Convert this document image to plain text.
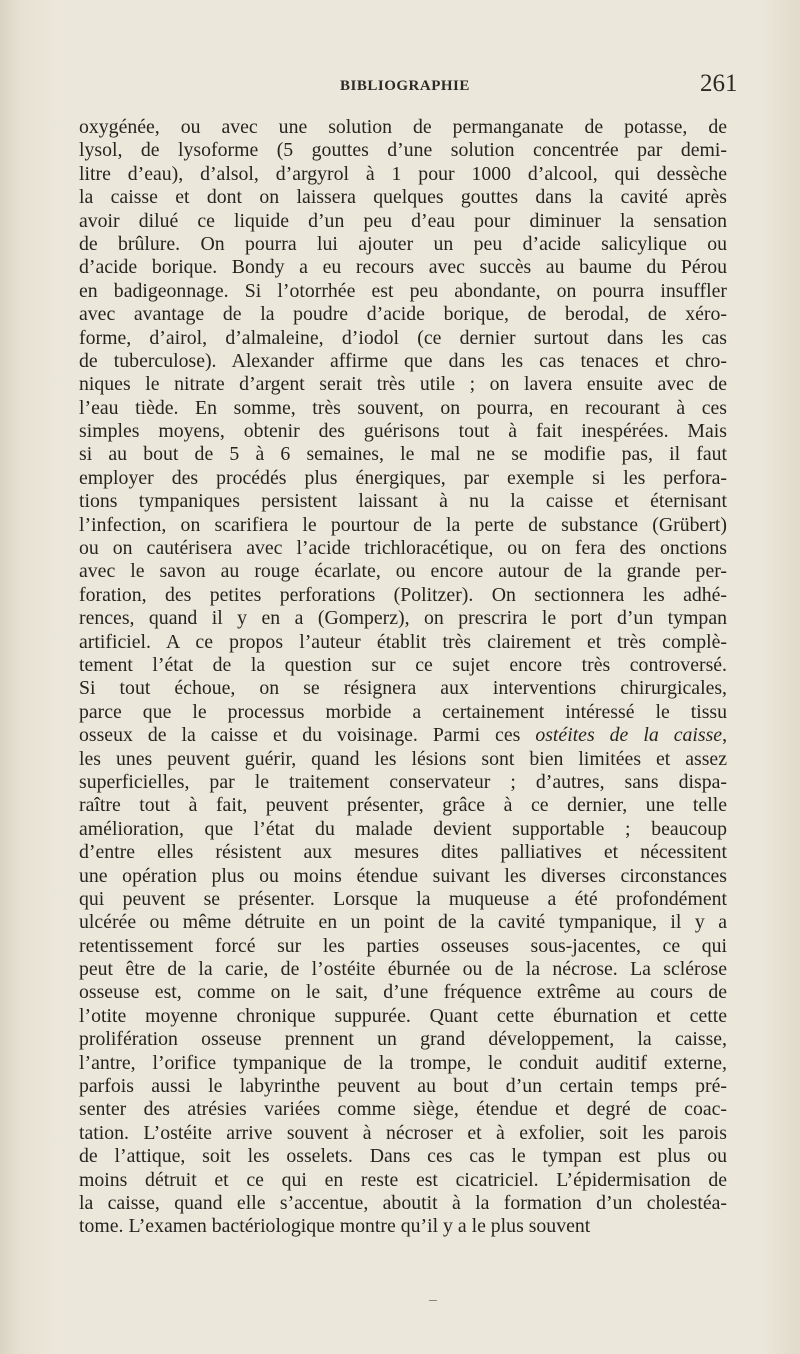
BIBLIOGRAPHIE	261
oxygénée, ou avec une solution de permanganate de potasse, de
lysol, de lysoforme (5 gouttes d’une solution concentrée par demi-
litre d’eau), d’alsol, d’argyrol à 1 pour 1000 d’alcool, qui dessèche
la caisse et dont on laissera quelques gouttes dans la cavité après
avoir dilué ce liquide d’un peu d’eau pour diminuer la sensation
de brûlure. On pourra lui ajouter un peu d’acide salicylique ou
d’acide borique. Bondy a eu recours avec succès au baume du Pérou
en badigeonnage. Si l’otorrhée est peu abondante, on pourra insuffler
avec avantage de la poudre d’acide borique, de berodal, de xéro-
forme, d’airol, d’almaleine, d’iodol (ce dernier surtout dans les cas
de tuberculose). Alexander affirme que dans les cas tenaces et chro-
niques le nitrate d’argent serait très utile ; on lavera ensuite avec de
l’eau tiède. En somme, très souvent, on pourra, en recourant à ces
simples moyens, obtenir des guérisons tout à fait inespérées. Mais
si au bout de 5 à 6 semaines, le mal ne se modifie pas, il faut
employer des procédés plus énergiques, par exemple si les perfora-
tions tympaniques persistent laissant à nu la caisse et éternisant
l’infection, on scarifiera le pourtour de la perte de substance (Grübert)
ou on cautérisera avec l’acide trichloracétique, ou on fera des onctions
avec le savon au rouge écarlate, ou encore autour de la grande per-
foration, des petites perforations (Politzer). On sectionnera les adhé-
rences, quand il y en a (Gomperz), on prescrira le port d’un tympan
artificiel. A ce propos l’auteur établit très clairement et très complè-
tement l’état de la question sur ce sujet encore très controversé.
Si tout échoue, on se résignera aux interventions chirurgicales,
parce que le processus morbide a certainement intéressé le tissu
osseux de la caisse et du voisinage. Parmi ces ostéites de la caisse,
les unes peuvent guérir, quand les lésions sont bien limitées et assez
superficielles, par le traitement conservateur ; d’autres, sans dispa-
raître tout à fait, peuvent présenter, grâce à ce dernier, une telle
amélioration, que l’état du malade devient supportable ; beaucoup
d’entre elles résistent aux mesures dites palliatives et nécessitent
une opération plus ou moins étendue suivant les diverses circonstances
qui peuvent se présenter. Lorsque la muqueuse a été profondément
ulcérée ou même détruite en un point de la cavité tympanique, il y a
retentissement forcé sur les parties osseuses sous-jacentes, ce qui
peut être de la carie, de l’ostéite éburnée ou de la nécrose. La sclérose
osseuse est, comme on le sait, d’une fréquence extrême au cours de
l’otite moyenne chronique suppurée. Quant cette éburnation et cette
prolifération osseuse prennent un grand développement, la caisse,
l’antre, l’orifice tympanique de la trompe, le conduit auditif externe,
parfois aussi le labyrinthe peuvent au bout d’un certain temps pré-
senter des atrésies variées comme siège, étendue et degré de coac-
tation. L’ostéite arrive souvent à nécroser et à exfolier, soit les parois
de l’attique, soit les osselets. Dans ces cas le tympan est plus ou
moins détruit et ce qui en reste est cicatriciel. L’épidermisation de
la caisse, quand elle s’accentue, aboutit à la formation d’un cholestéa-
tome. L’examen bactériologique montre qu’il y a le plus souvent
